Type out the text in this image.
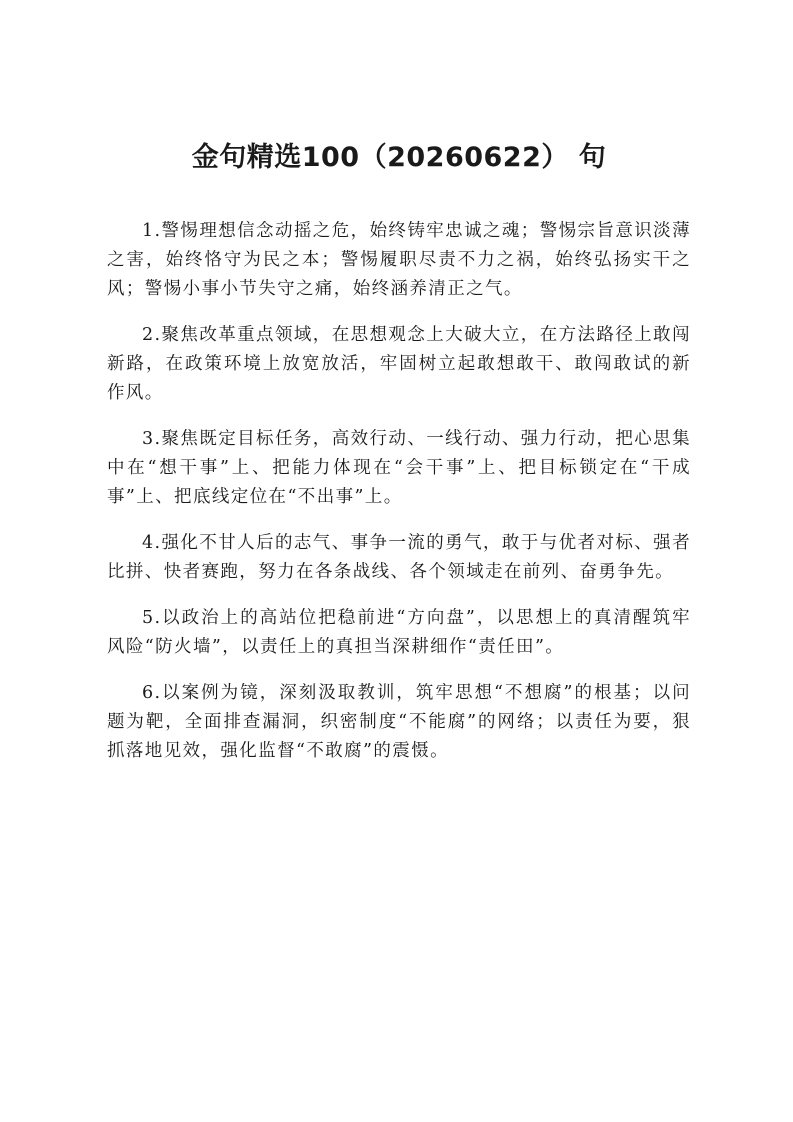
金句精选100（20260622） 句

1.警惕理想信念动摇之危，始终铸牢忠诚之魂；警惕宗旨意识淡薄之害，始终恪守为民之本；警惕履职尽责不力之祸，始终弘扬实干之风；警惕小事小节失守之痛，始终涵养清正之气。

2.聚焦改革重点领域，在思想观念上大破大立，在方法路径上敢闯新路，在政策环境上放宽放活，牢固树立起敢想敢干、敢闯敢试的新作风。

3.聚焦既定目标任务，高效行动、一线行动、强力行动，把心思集中在“想干事”上、把能力体现在“会干事”上、把目标锁定在“干成事”上、把底线定位在“不出事”上。

4.强化不甘人后的志气、事争一流的勇气，敢于与优者对标、强者比拼、快者赛跑，努力在各条战线、各个领域走在前列、奋勇争先。

5.以政治上的高站位把稳前进“方向盘”，以思想上的真清醒筑牢风险“防火墙”，以责任上的真担当深耕细作“责任田”。

6.以案例为镜，深刻汲取教训，筑牢思想“不想腐”的根基；以问题为靶，全面排查漏洞，织密制度“不能腐”的网络；以责任为要，狠抓落地见效，强化监督“不敢腐”的震慑。
